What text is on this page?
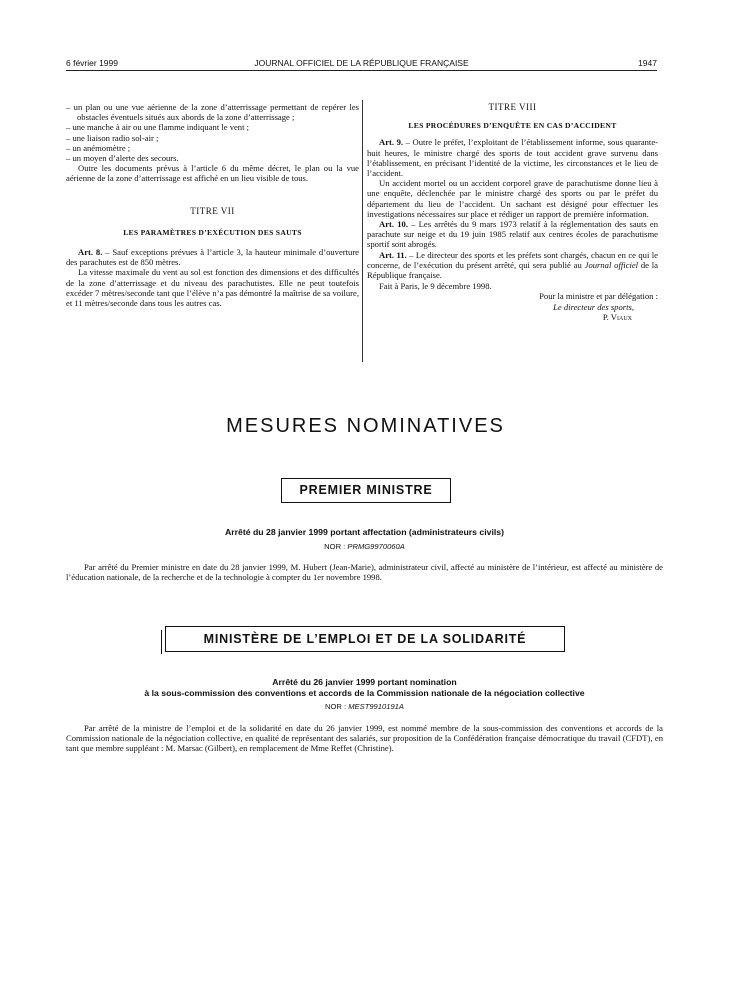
6 février 1999	JOURNAL OFFICIEL DE LA RÉPUBLIQUE FRANÇAISE	1947

– un plan ou une vue aérienne de la zone d’atterrissage permettant de repérer les obstacles éventuels situés aux abords de la zone d’atterrissage ;

– une manche à air ou une flamme indiquant le vent ;

– une liaison radio sol-air ;

– un anémomètre ;

– un moyen d’alerte des secours.

Outre les documents prévus à l’article 6 du même décret, le plan ou la vue aérienne de la zone d’atterrissage est affiché en un lieu visible de tous.

TITRE VII

LES PARAMÈTRES D’EXÉCUTION DES SAUTS

Art. 8. – Sauf exceptions prévues à l’article 3, la hauteur minimale d’ouverture des parachutes est de 850 mètres.

La vitesse maximale du vent au sol est fonction des dimensions et des difficultés de la zone d’atterrissage et du niveau des parachutistes. Elle ne peut toutefois excéder 7 mètres/seconde tant que l’élève n’a pas démontré la maîtrise de sa voilure, et 11 mètres/seconde dans tous les autres cas.

TITRE VIII

LES PROCÉDURES D’ENQUÊTE EN CAS D’ACCIDENT

Art. 9. – Outre le préfet, l’exploitant de l’établissement informe, sous quarante-huit heures, le ministre chargé des sports de tout accident grave survenu dans l’établissement, en précisant l’identité de la victime, les circonstances et le lieu de l’accident.

Un accident mortel ou un accident corporel grave de parachutisme donne lieu à une enquête, déclenchée par le ministre chargé des sports ou par le préfet du département du lieu de l’accident. Un sachant est désigné pour effectuer les investigations nécessaires sur place et rédiger un rapport de première information.

Art. 10. – Les arrêtés du 9 mars 1973 relatif à la réglementation des sauts en parachute sur neige et du 19 juin 1985 relatif aux centres écoles de parachutisme sportif sont abrogés.

Art. 11. – Le directeur des sports et les préfets sont chargés, chacun en ce qui le concerne, de l’exécution du présent arrêté, qui sera publié au Journal officiel de la République française.

Fait à Paris, le 9 décembre 1998.

Pour la ministre et par délégation :

Le directeur des sports,

P. Viaux

MESURES NOMINATIVES
PREMIER MINISTRE
Arrêté du 28 janvier 1999 portant affectation (administrateurs civils)
NOR : PRMG9970060A

Par arrêté du Premier ministre en date du 28 janvier 1999, M. Hubert (Jean-Marie), administrateur civil, affecté au ministère de l’intérieur, est affecté au ministère de l’éducation nationale, de la recherche et de la technologie à compter du 1er novembre 1998.

MINISTÈRE DE L’EMPLOI ET DE LA SOLIDARITÉ
Arrêté du 26 janvier 1999 portant nomination
à la sous-commission des conventions et accords de la Commission nationale de la négociation collective
NOR : MEST9910191A

Par arrêté de la ministre de l’emploi et de la solidarité en date du 26 janvier 1999, est nommé membre de la sous-commission des conventions et accords de la Commission nationale de la négociation collective, en qualité de représentant des salariés, sur proposition de la Confédération française démocratique du travail (CFDT), en tant que membre suppléant : M. Marsac (Gilbert), en remplacement de Mme Reffet (Christine).
